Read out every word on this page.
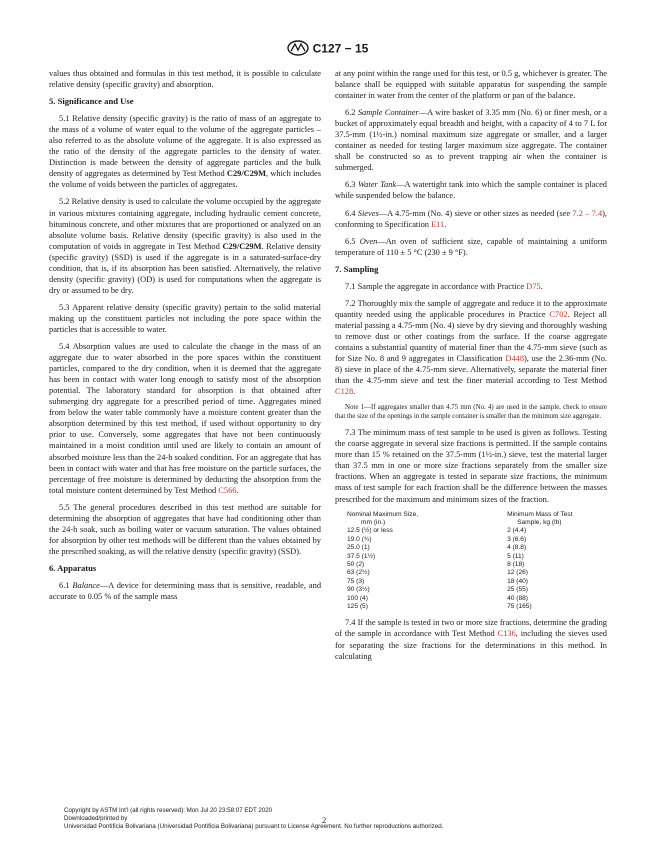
C127 − 15

values thus obtained and formulas in this test method, it is possible to calculate relative density (specific gravity) and absorption.

5. Significance and Use

5.1 Relative density (specific gravity) is the ratio of mass of an aggregate to the mass of a volume of water equal to the volume of the aggregate particles – also referred to as the absolute volume of the aggregate. It is also expressed as the ratio of the density of the aggregate particles to the density of water. Distinction is made between the density of aggregate particles and the bulk density of aggregates as determined by Test Method C29/C29M, which includes the volume of voids between the particles of aggregates.

5.2 Relative density is used to calculate the volume occupied by the aggregate in various mixtures containing aggregate, including hydraulic cement concrete, bituminous concrete, and other mixtures that are proportioned or analyzed on an absolute volume basis. Relative density (specific gravity) is also used in the computation of voids in aggregate in Test Method C29/C29M. Relative density (specific gravity) (SSD) is used if the aggregate is in a saturated-surface-dry condition, that is, if its absorption has been satisfied. Alternatively, the relative density (specific gravity) (OD) is used for computations when the aggregate is dry or assumed to be dry.

5.3 Apparent relative density (specific gravity) pertain to the solid material making up the constituent particles not including the pore space within the particles that is accessible to water.

5.4 Absorption values are used to calculate the change in the mass of an aggregate due to water absorbed in the pore spaces within the constituent particles, compared to the dry condition, when it is deemed that the aggregate has been in contact with water long enough to satisfy most of the absorption potential. The laboratory standard for absorption is that obtained after submerging dry aggregate for a prescribed period of time. Aggregates mined from below the water table commonly have a moisture content greater than the absorption determined by this test method, if used without opportunity to dry prior to use. Conversely, some aggregates that have not been continuously maintained in a moist condition until used are likely to contain an amount of absorbed moisture less than the 24-h soaked condition. For an aggregate that has been in contact with water and that has free moisture on the particle surfaces, the percentage of free moisture is determined by deducting the absorption from the total moisture content determined by Test Method C566.

5.5 The general procedures described in this test method are suitable for determining the absorption of aggregates that have had conditioning other than the 24-h soak, such as boiling water or vacuum saturation. The values obtained for absorption by other test methods will be different than the values obtained by the prescribed soaking, as will the relative density (specific gravity) (SSD).

6. Apparatus

6.1 Balance—A device for determining mass that is sensitive, readable, and accurate to 0.05 % of the sample mass

at any point within the range used for this test, or 0.5 g, whichever is greater. The balance shall be equipped with suitable apparatus for suspending the sample container in water from the center of the platform or pan of the balance.

6.2 Sample Container—A wire basket of 3.35 mm (No. 6) or finer mesh, or a bucket of approximately equal breadth and height, with a capacity of 4 to 7 L for 37.5-mm (1½-in.) nominal maximum size aggregate or smaller, and a larger container as needed for testing larger maximum size aggregate. The container shall be constructed so as to prevent trapping air when the container is submerged.

6.3 Water Tank—A watertight tank into which the sample container is placed while suspended below the balance.

6.4 Sieves—A 4.75-mm (No. 4) sieve or other sizes as needed (see 7.2 – 7.4), conforming to Specification E11.

6.5 Oven—An oven of sufficient size, capable of maintaining a uniform temperature of 110 ± 5 °C (230 ± 9 °F).

7. Sampling

7.1 Sample the aggregate in accordance with Practice D75.

7.2 Thoroughly mix the sample of aggregate and reduce it to the approximate quantity needed using the applicable procedures in Practice C702. Reject all material passing a 4.75-mm (No. 4) sieve by dry sieving and thoroughly washing to remove dust or other coatings from the surface. If the coarse aggregate contains a substantial quantity of material finer than the 4.75-mm sieve (such as for Size No. 8 and 9 aggregates in Classification D448), use the 2.36-mm (No. 8) sieve in place of the 4.75-mm sieve. Alternatively, separate the material finer than the 4.75-mm sieve and test the finer material according to Test Method C128.

Note 1—If aggregates smaller than 4.75 mm (No. 4) are used in the sample, check to ensure that the size of the openings in the sample container is smaller than the minimum size aggregate.

7.3 The minimum mass of test sample to be used is given as follows. Testing the coarse aggregate in several size fractions is permitted. If the sample contains more than 15 % retained on the 37.5-mm (1½-in.) sieve, test the material larger than 37.5 mm in one or more size fractions separately from the smaller size fractions. When an aggregate is tested in separate size fractions, the minimum mass of test sample for each fraction shall be the difference between the masses prescribed for the maximum and minimum sizes of the fraction.

Nominal Maximum Size,	Minimum Mass of Test
mm (in.)	Sample, kg (lb)
12.5 (½) or less	2 (4.4)
19.0 (¾)	3 (6.6)
25.0 (1)	4 (8.8)
37.5 (1½)	5 (11)
50 (2)	8 (18)
63 (2½)	12 (26)
75 (3)	18 (40)
90 (3½)	25 (55)
100 (4)	40 (88)
125 (5)	75 (165)

7.4 If the sample is tested in two or more size fractions, determine the grading of the sample in accordance with Test Method C136, including the sieves used for separating the size fractions for the determinations in this method. In calculating

2
Copyright by ASTM Int'l (all rights reserved); Mon Jul 20 23:58:07 EDT 2020
Downloaded/printed by
Universidad Pontificia Bolivariana (Universidad Pontificia Bolivariana) pursuant to License Agreement. No further reproductions authorized.
